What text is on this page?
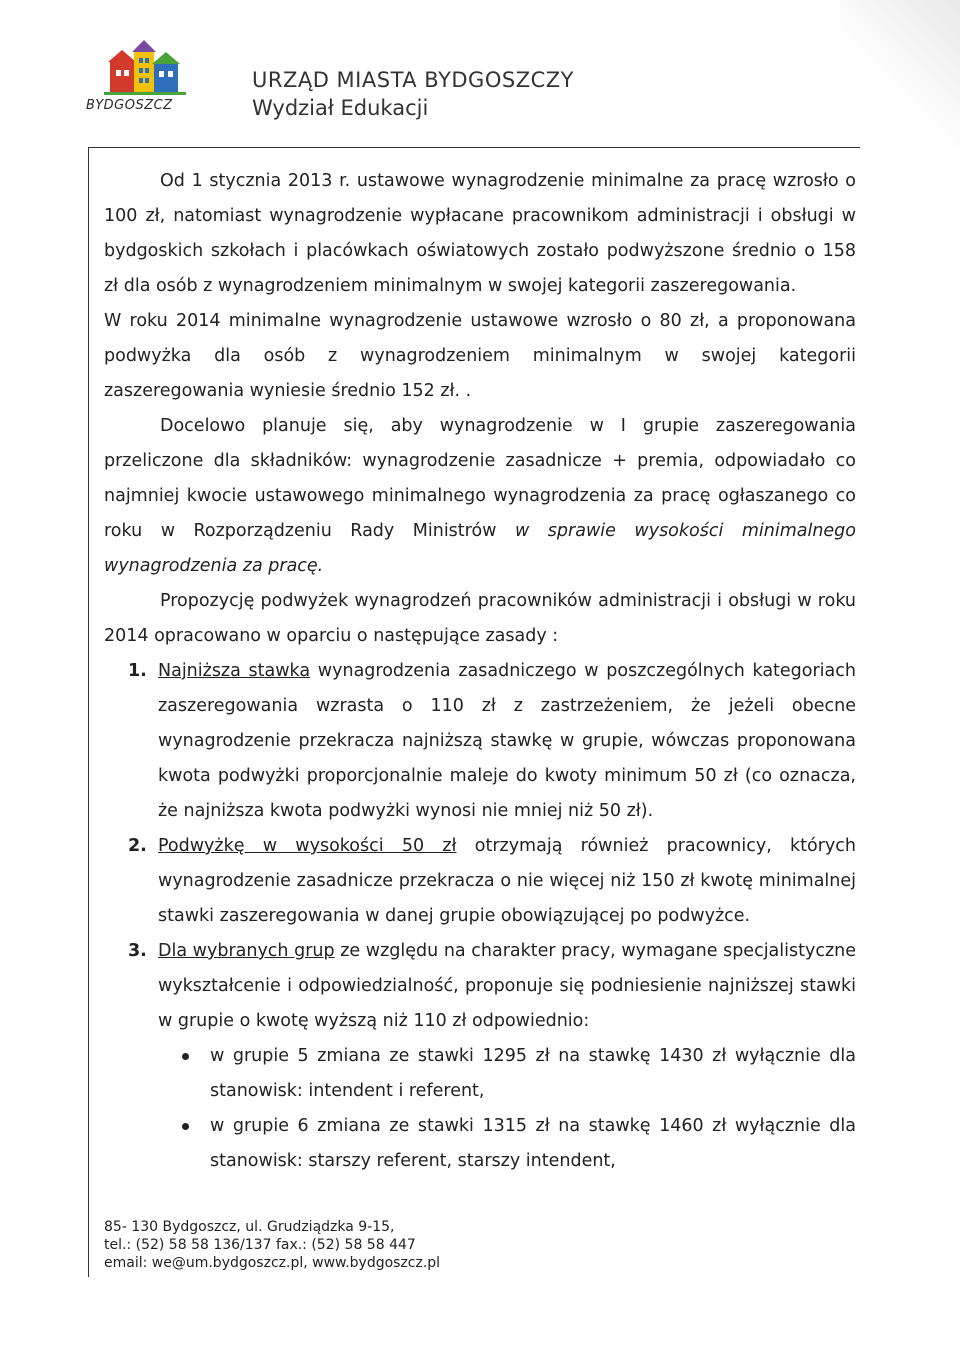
BYDGOSZCZ
URZĄD MIASTA BYDGOSZCZY
Wydział Edukacji

Od 1 stycznia 2013 r. ustawowe wynagrodzenie minimalne za pracę wzrosło o 100 zł, natomiast wynagrodzenie wypłacane pracownikom administracji i obsługi w bydgoskich szkołach i placówkach oświatowych zostało podwyższone średnio o 158 zł dla osób z wynagrodzeniem minimalnym w swojej kategorii zaszeregowania.

W roku 2014 minimalne wynagrodzenie ustawowe wzrosło o 80 zł, a proponowana podwyżka dla osób z wynagrodzeniem minimalnym w swojej kategorii zaszeregowania wyniesie średnio 152 zł. .

Docelowo planuje się, aby wynagrodzenie w I grupie zaszeregowania przeliczone dla składników: wynagrodzenie zasadnicze + premia, odpowiadało co najmniej kwocie ustawowego minimalnego wynagrodzenia za pracę ogłaszanego co roku w Rozporządzeniu Rady Ministrów w sprawie wysokości minimalnego wynagrodzenia za pracę.

Propozycję podwyżek wynagrodzeń pracowników administracji i obsługi w roku 2014 opracowano w oparciu o następujące zasady :

1. Najniższa stawka wynagrodzenia zasadniczego w poszczególnych kategoriach zaszeregowania wzrasta o 110 zł z zastrzeżeniem, że jeżeli obecne wynagrodzenie przekracza najniższą stawkę w grupie, wówczas proponowana kwota podwyżki proporcjonalnie maleje do kwoty minimum 50 zł (co oznacza, że najniższa kwota podwyżki wynosi nie mniej niż 50 zł).
2. Podwyżkę w wysokości 50 zł otrzymają również pracownicy, których wynagrodzenie zasadnicze przekracza o nie więcej niż 150 zł kwotę minimalnej stawki zaszeregowania w danej grupie obowiązującej po podwyżce.
3. Dla wybranych grup ze względu na charakter pracy, wymagane specjalistyczne wykształcenie i odpowiedzialność, proponuje się podniesienie najniższej stawki w grupie o kwotę wyższą niż 110 zł odpowiednio:
w grupie 5 zmiana ze stawki 1295 zł na stawkę 1430 zł wyłącznie dla stanowisk: intendent i referent,
w grupie 6 zmiana ze stawki 1315 zł na stawkę 1460 zł wyłącznie dla stanowisk: starszy referent, starszy intendent,
85- 130 Bydgoszcz, ul. Grudziądzka 9-15,
tel.: (52) 58 58 136/137 fax.: (52) 58 58 447
email: we@um.bydgoszcz.pl, www.bydgoszcz.pl
